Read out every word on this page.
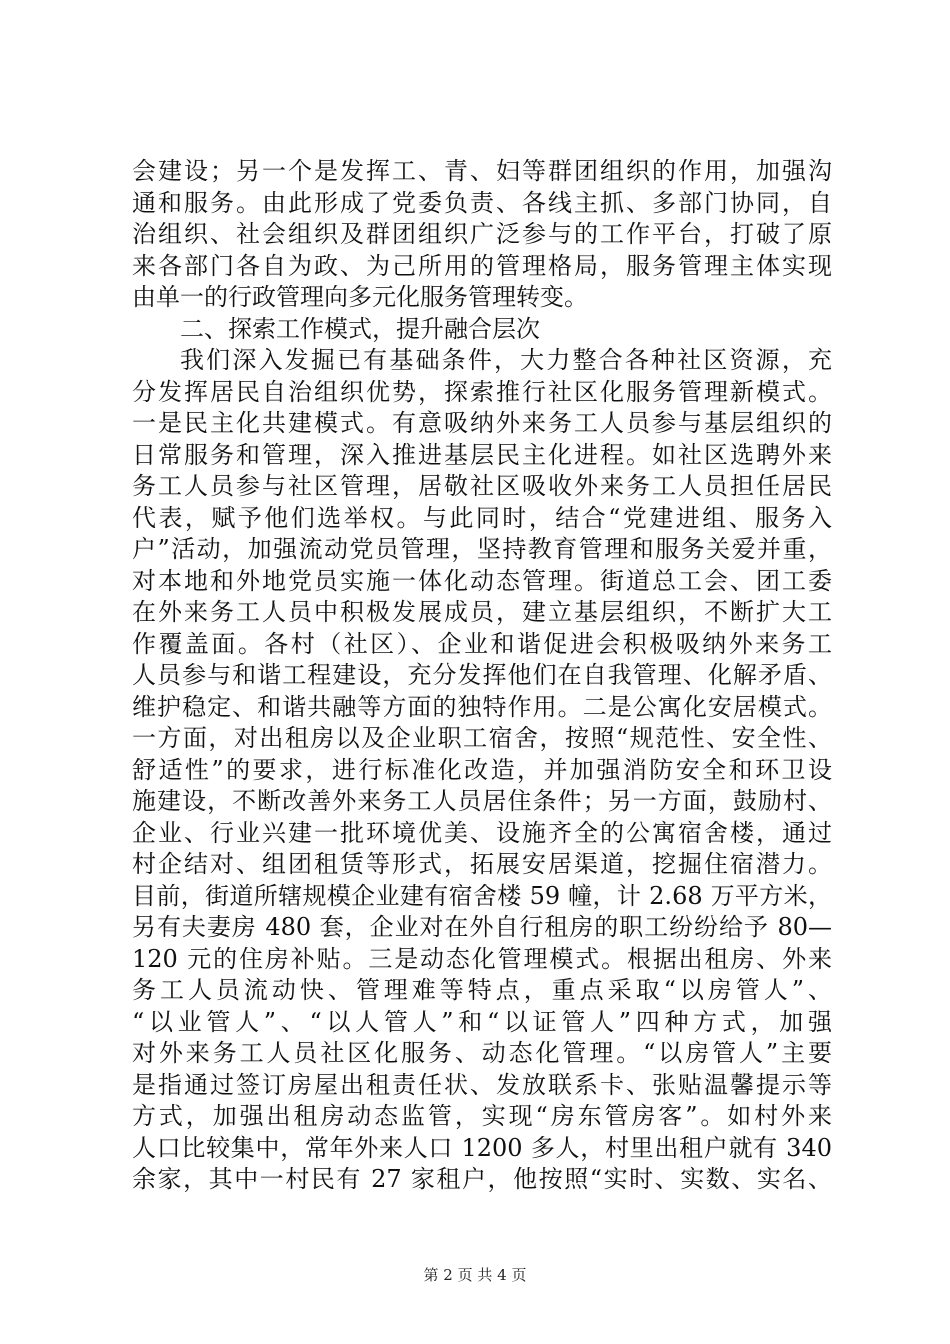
会建设；另一个是发挥工、青、妇等群团组织的作用，加强沟
通和服务。由此形成了党委负责、各线主抓、多部门协同，自
治组织、社会组织及群团组织广泛参与的工作平台，打破了原
来各部门各自为政、为己所用的管理格局，服务管理主体实现
由单一的行政管理向多元化服务管理转变。
二、探索工作模式，提升融合层次
我们深入发掘已有基础条件，大力整合各种社区资源，充
分发挥居民自治组织优势，探索推行社区化服务管理新模式。
一是民主化共建模式。有意吸纳外来务工人员参与基层组织的
日常服务和管理，深入推进基层民主化进程。如社区选聘外来
务工人员参与社区管理，居敬社区吸收外来务工人员担任居民
代表，赋予他们选举权。与此同时，结合“党建进组、服务入
户”活动，加强流动党员管理，坚持教育管理和服务关爱并重，
对本地和外地党员实施一体化动态管理。街道总工会、团工委
在外来务工人员中积极发展成员，建立基层组织，不断扩大工
作覆盖面。各村（社区）、企业和谐促进会积极吸纳外来务工
人员参与和谐工程建设，充分发挥他们在自我管理、化解矛盾、
维护稳定、和谐共融等方面的独特作用。二是公寓化安居模式。
一方面，对出租房以及企业职工宿舍，按照“规范性、安全性、
舒适性”的要求，进行标准化改造，并加强消防安全和环卫设
施建设，不断改善外来务工人员居住条件；另一方面，鼓励村、
企业、行业兴建一批环境优美、设施齐全的公寓宿舍楼，通过
村企结对、组团租赁等形式，拓展安居渠道，挖掘住宿潜力。
目前，街道所辖规模企业建有宿舍楼 59 幢，计 2.68 万平方米，
另有夫妻房 480 套，企业对在外自行租房的职工纷纷给予 80—
120 元的住房补贴。三是动态化管理模式。根据出租房、外来
务工人员流动快、管理难等特点，重点采取“以房管人”、
“以业管人”、“以人管人”和“以证管人”四种方式，加强
对外来务工人员社区化服务、动态化管理。“以房管人”主要
是指通过签订房屋出租责任状、发放联系卡、张贴温馨提示等
方式，加强出租房动态监管，实现“房东管房客”。如村外来
人口比较集中，常年外来人口 1200 多人，村里出租户就有 340
余家，其中一村民有 27 家租户，他按照“实时、实数、实名、
第 2 页 共 4 页
